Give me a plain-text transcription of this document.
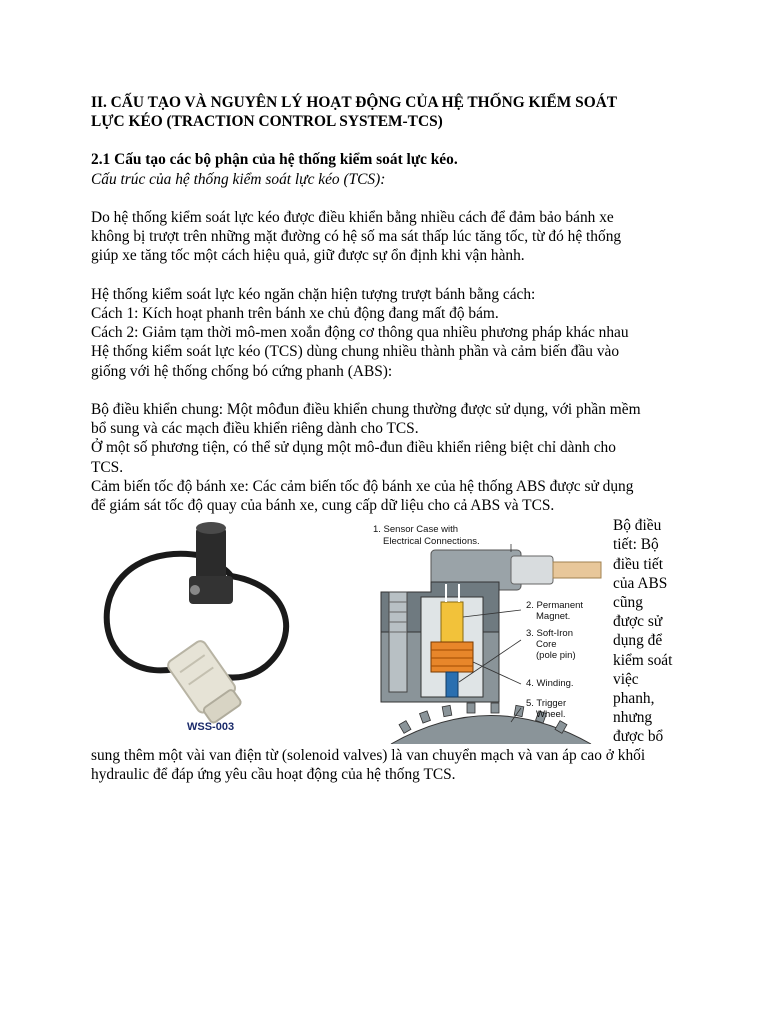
II. CẤU TẠO VÀ NGUYÊN LÝ HOẠT ĐỘNG CỦA HỆ THỐNG KIỂM SOÁT
LỰC KÉO (TRACTION CONTROL SYSTEM-TCS)

2.1 Cấu tạo các bộ phận của hệ thống kiểm soát lực kéo.

Cấu trúc của hệ thống kiểm soát lực kéo (TCS):

Do hệ thống kiểm soát lực kéo được điều khiển bằng nhiều cách để đảm bảo bánh xe
không bị trượt trên những mặt đường có hệ số ma sát thấp lúc tăng tốc, từ đó hệ thống
giúp xe tăng tốc một cách hiệu quả, giữ được sự ổn định khi vận hành.

Hệ thống kiểm soát lực kéo ngăn chặn hiện tượng trượt bánh bằng cách:
Cách 1: Kích hoạt phanh trên bánh xe chủ động đang mất độ bám.
Cách 2: Giảm tạm thời mô-men xoắn động cơ thông qua nhiều phương pháp khác nhau
Hệ thống kiểm soát lực kéo (TCS) dùng chung nhiều thành phần và cảm biến đầu vào
giống với hệ thống chống bó cứng phanh (ABS):

Bộ điều khiển chung: Một môđun điều khiển chung thường được sử dụng, với phần mềm
bổ sung và các mạch điều khiển riêng dành cho TCS.
Ở một số phương tiện, có thể sử dụng một mô-đun điều khiển riêng biệt chỉ dành cho
TCS.
Cảm biến tốc độ bánh xe: Các cảm biến tốc độ bánh xe của hệ thống ABS được sử dụng
để giám sát tốc độ quay của bánh xe, cung cấp dữ liệu cho cả ABS và TCS.

WSS-003
1. Sensor Case with
Electrical Connections.
2. Permanent
Magnet.
3. Soft-Iron
Core
(pole pin)
4. Winding.
5. Trigger
Wheel.
Bộ điều
tiết: Bộ
điều tiết
của ABS
cũng
được sử
dụng để
kiểm soát
việc
phanh,
nhưng
được bổ

sung thêm một vài van điện từ (solenoid valves) là van chuyển mạch và van áp cao ở khối
hydraulic để đáp ứng yêu cầu hoạt động của hệ thống TCS.
